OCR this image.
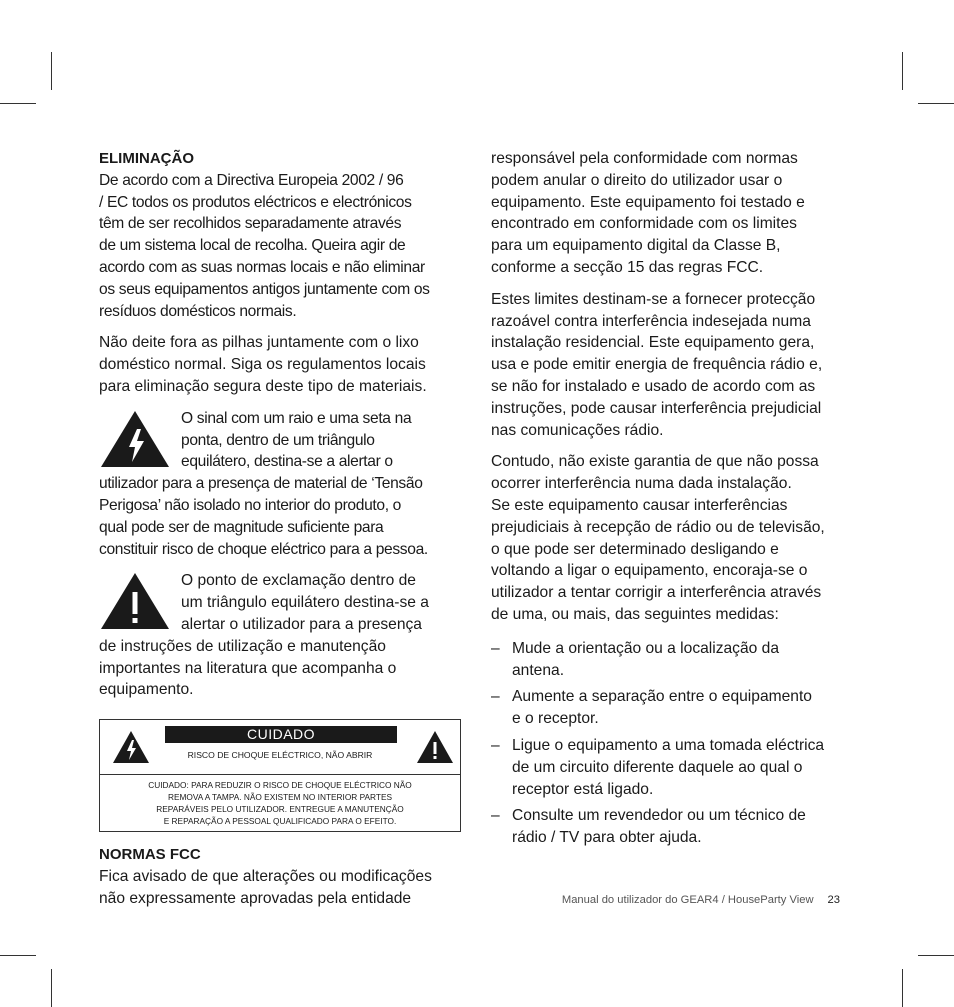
ELIMINAÇÃO

De acordo com a Directiva Europeia 2002 / 96
/ EC todos os produtos eléctricos e electrónicos
têm de ser recolhidos separadamente através
de um sistema local de recolha. Queira agir de
acordo com as suas normas locais e não eliminar
os seus equipamentos antigos juntamente com os
resíduos domésticos normais.

Não deite fora as pilhas juntamente com o lixo
doméstico normal. Siga os regulamentos locais
para eliminação segura deste tipo de materiais.

O sinal com um raio e uma seta na
ponta, dentro de um triângulo
equilátero, destina-se a alertar o
utilizador para a presença de material de ‘Tensão
Perigosa’ não isolado no interior do produto, o
qual pode ser de magnitude suficiente para
constituir risco de choque eléctrico para a pessoa.
O ponto de exclamação dentro de
um triângulo equilátero destina-se a
alertar o utilizador para a presença
de instruções de utilização e manutenção
importantes na literatura que acompanha o
equipamento.
CUIDADO
RISCO DE CHOQUE ELÉCTRICO, NÃO ABRIR
CUIDADO: PARA REDUZIR O RISCO DE CHOQUE ELÉCTRICO NÃO
REMOVA A TAMPA. NÃO EXISTEM NO INTERIOR PARTES
REPARÁVEIS PELO UTILIZADOR. ENTREGUE A MANUTENÇÃO
E REPARAÇÃO A PESSOAL QUALIFICADO PARA O EFEITO.

NORMAS FCC

Fica avisado de que alterações ou modificações
não expressamente aprovadas pela entidade

responsável pela conformidade com normas
podem anular o direito do utilizador usar o
equipamento. Este equipamento foi testado e
encontrado em conformidade com os limites
para um equipamento digital da Classe B,
conforme a secção 15 das regras FCC.

Estes limites destinam-se a fornecer protecção
razoável contra interferência indesejada numa
instalação residencial. Este equipamento gera,
usa e pode emitir energia de frequência rádio e,
se não for instalado e usado de acordo com as
instruções, pode causar interferência prejudicial
nas comunicações rádio.

Contudo, não existe garantia de que não possa
ocorrer interferência numa dada instalação.
Se este equipamento causar interferências
prejudiciais à recepção de rádio ou de televisão,
o que pode ser determinado desligando e
voltando a ligar o equipamento, encoraja-se o
utilizador a tentar corrigir a interferência através
de uma, ou mais, das seguintes medidas:

– Mude a orientação ou a localização da
antena.
– Aumente a separação entre o equipamento
e o receptor.
– Ligue o equipamento a uma tomada eléctrica
de um circuito diferente daquele ao qual o
receptor está ligado.
– Consulte um revendedor ou um técnico de
rádio / TV para obter ajuda.
Manual do utilizador do GEAR4 / HouseParty View 23
